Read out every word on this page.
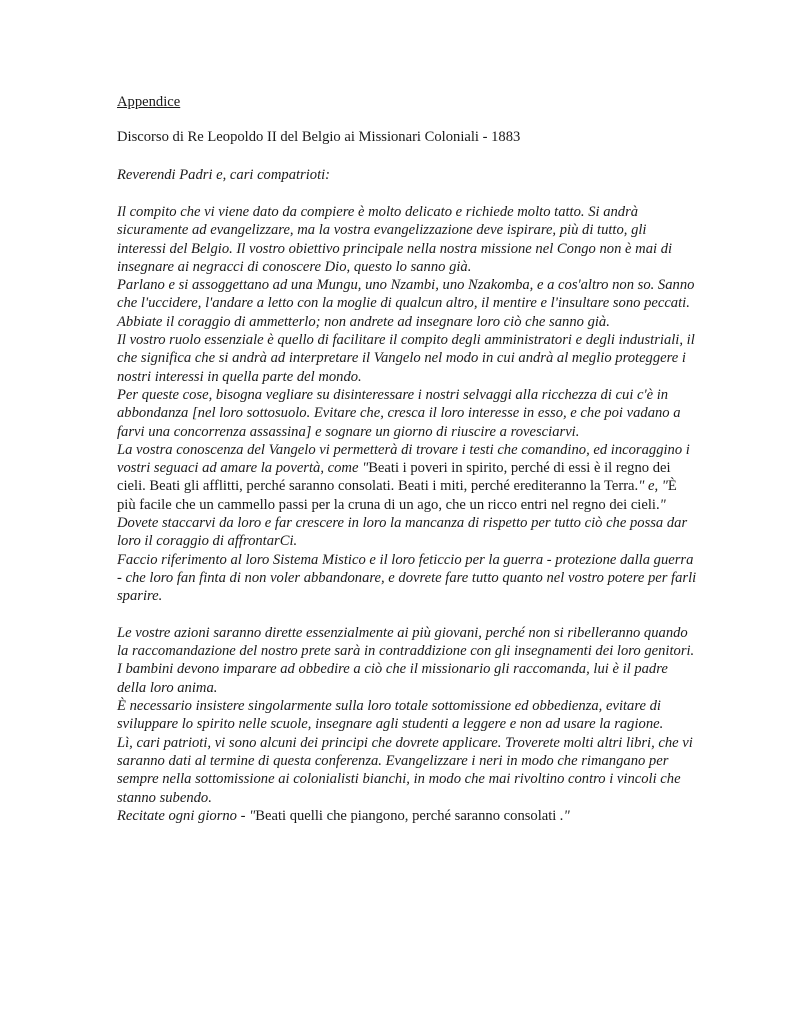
Appendice
Discorso di Re Leopoldo II del Belgio ai Missionari Coloniali - 1883
Reverendi Padri e, cari compatrioti:

Il compito che vi viene dato da compiere è molto delicato e richiede molto tatto. Si andrà sicuramente ad evangelizzare, ma la vostra evangelizzazione deve ispirare, più di tutto, gli interessi del Belgio. Il vostro obiettivo principale nella nostra missione nel Congo non è mai di insegnare ai negracci di conoscere Dio, questo lo sanno già.

Parlano e si assoggettano ad una Mungu, uno Nzambi, uno Nzakomba, e a cos'altro non so. Sanno che l'uccidere, l'andare a letto con la moglie di qualcun altro, il mentire e l'insultare sono peccati. Abbiate il coraggio di ammetterlo; non andrete ad insegnare loro ciò che sanno già.

Il vostro ruolo essenziale è quello di facilitare il compito degli amministratori e degli industriali, il che significa che si andrà ad interpretare il Vangelo nel modo in cui andrà al meglio proteggere i nostri interessi in quella parte del mondo.

Per queste cose, bisogna vegliare su disinteressare i nostri selvaggi alla ricchezza di cui c'è in abbondanza [nel loro sottosuolo. Evitare che, cresca il loro interesse in esso, e che poi vadano a farvi una concorrenza assassina] e sognare un giorno di riuscire a rovesciarvi.

La vostra conoscenza del Vangelo vi permetterà di trovare i testi che comandino, ed incoraggino i vostri seguaci ad amare la povertà, come "Beati i poveri in spirito, perché di essi è il regno dei cieli. Beati gli afflitti, perché saranno consolati. Beati i miti, perché erediteranno la Terra." e, "È più facile che un cammello passi per la cruna di un ago, che un ricco entri nel regno dei cieli."

Dovete staccarvi da loro e far crescere in loro la mancanza di rispetto per tutto ciò che possa dar loro il coraggio di affrontarCi.

Faccio riferimento al loro Sistema Mistico e il loro feticcio per la guerra - protezione dalla guerra - che loro fan finta di non voler abbandonare, e dovrete fare tutto quanto nel vostro potere per farli sparire.

Le vostre azioni saranno dirette essenzialmente ai più giovani, perché non si ribelleranno quando la raccomandazione del nostro prete sarà in contraddizione con gli insegnamenti dei loro genitori.

I bambini devono imparare ad obbedire a ciò che il missionario gli raccomanda, lui è il padre della loro anima.

È necessario insistere singolarmente sulla loro totale sottomissione ed obbedienza, evitare di sviluppare lo spirito nelle scuole, insegnare agli studenti a leggere e non ad usare la ragione.

Lì, cari patrioti, vi sono alcuni dei principi che dovrete applicare. Troverete molti altri libri, che vi saranno dati al termine di questa conferenza. Evangelizzare i neri in modo che rimangano per sempre nella sottomissione ai colonialisti bianchi, in modo che mai rivoltino contro i vincoli che stanno subendo.

Recitate ogni giorno - "Beati quelli che piangono, perché saranno consolati ."
